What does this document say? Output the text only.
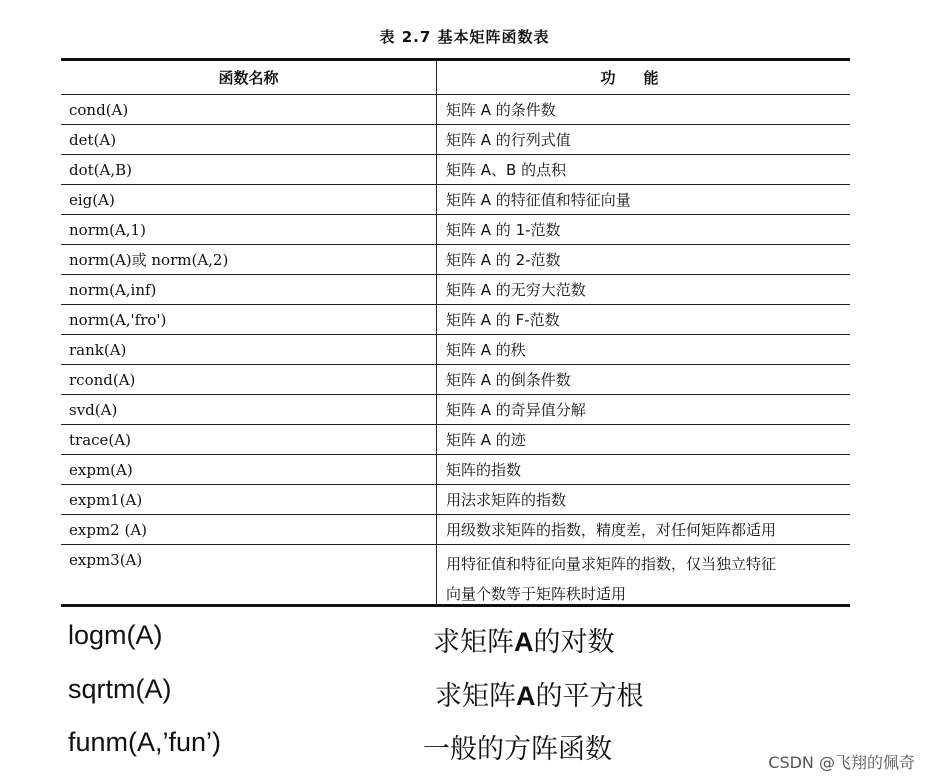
表 2.7 基本矩阵函数表
函数名称	功能
cond(A)	矩阵 A 的条件数
det(A)	矩阵 A 的行列式值
dot(A,B)	矩阵 A、B 的点积
eig(A)	矩阵 A 的特征值和特征向量
norm(A,1)	矩阵 A 的 1-范数
norm(A)或 norm(A,2)	矩阵 A 的 2-范数
norm(A,inf)	矩阵 A 的无穷大范数
norm(A,'fro')	矩阵 A 的 F-范数
rank(A)	矩阵 A 的秩
rcond(A)	矩阵 A 的倒条件数
svd(A)	矩阵 A 的奇异值分解
trace(A)	矩阵 A 的迹
expm(A)	矩阵的指数
expm1(A)	用法求矩阵的指数
expm2 (A)	用级数求矩阵的指数，精度差，对任何矩阵都适用
expm3(A)	用特征值和特征向量求矩阵的指数，仅当独立特征
向量个数等于矩阵秩时适用
logm(A)	求矩阵A的对数
sqrtm(A)	求矩阵A的平方根
funm(A,’fun’)	一般的方阵函数	CSDN @飞翔的佩奇
